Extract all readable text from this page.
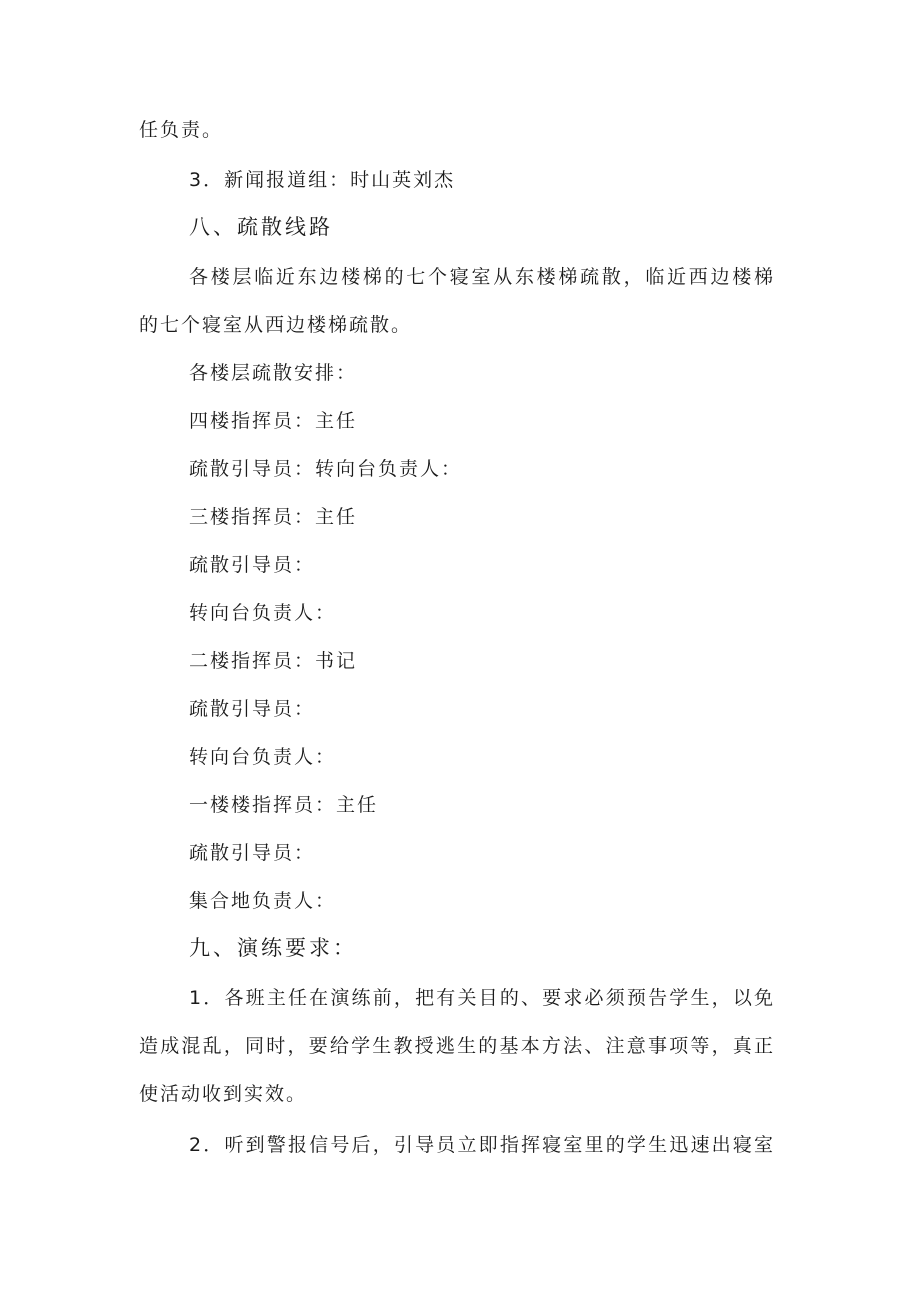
任负责。
3．新闻报道组：时山英刘杰
八、疏散线路
各楼层临近东边楼梯的七个寝室从东楼梯疏散，临近西边楼梯
的七个寝室从西边楼梯疏散。
各楼层疏散安排：
四楼指挥员：主任
疏散引导员：转向台负责人：
三楼指挥员：主任
疏散引导员：
转向台负责人：
二楼指挥员：书记
疏散引导员：
转向台负责人：
一楼楼指挥员：主任
疏散引导员：
集合地负责人：
九、演练要求：
1．各班主任在演练前，把有关目的、要求必须预告学生，以免
造成混乱，同时，要给学生教授逃生的基本方法、注意事项等，真正
使活动收到实效。
2．听到警报信号后，引导员立即指挥寝室里的学生迅速出寝室
